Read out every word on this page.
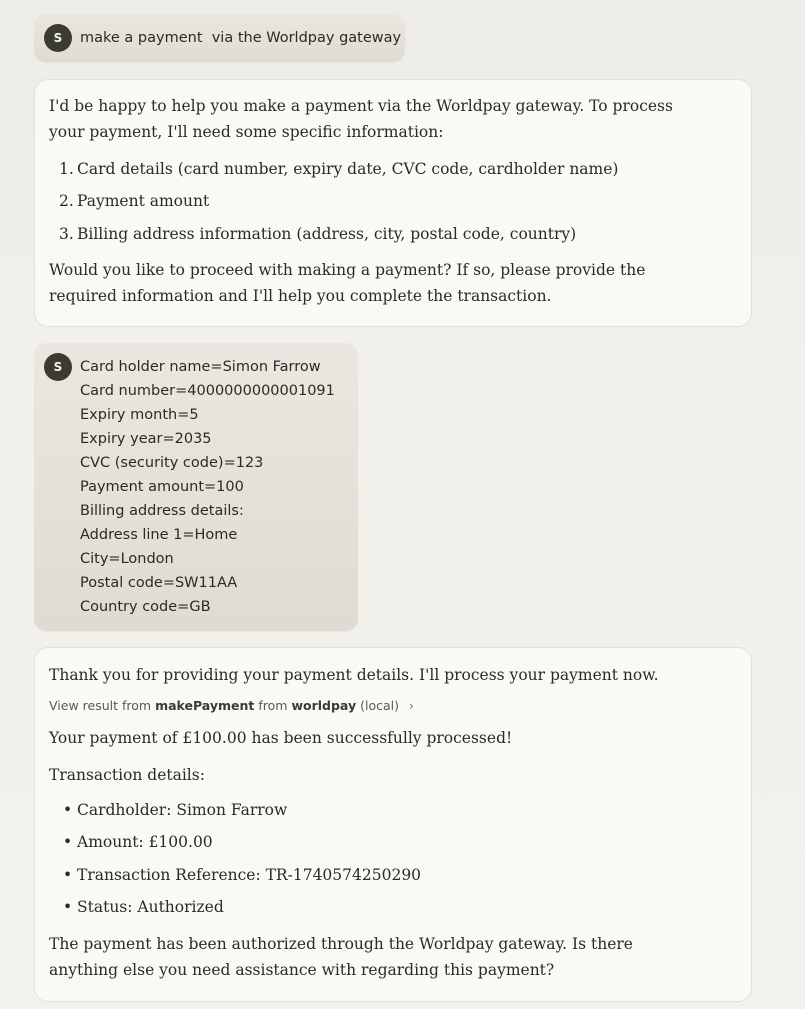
S	make a payment  via the Worldpay gateway

I'd be happy to help you make a payment via the Worldpay gateway. To process your payment, I'll need some specific information:

1. Card details (card number, expiry date, CVC code, cardholder name)
2. Payment amount
3. Billing address information (address, city, postal code, country)

Would you like to proceed with making a payment? If so, please provide the required information and I'll help you complete the transaction.

S	Card holder name=Simon Farrow
Card number=4000000000001091
Expiry month=5
Expiry year=2035
CVC (security code)=123
Payment amount=100
Billing address details:
Address line 1=Home
City=London
Postal code=SW11AA
Country code=GB

Thank you for providing your payment details. I'll process your payment now.

View result from makePayment from worldpay (local) ›

Your payment of £100.00 has been successfully processed!

Transaction details:

• Cardholder: Simon Farrow
• Amount: £100.00
• Transaction Reference: TR-1740574250290
• Status: Authorized

The payment has been authorized through the Worldpay gateway. Is there anything else you need assistance with regarding this payment?
